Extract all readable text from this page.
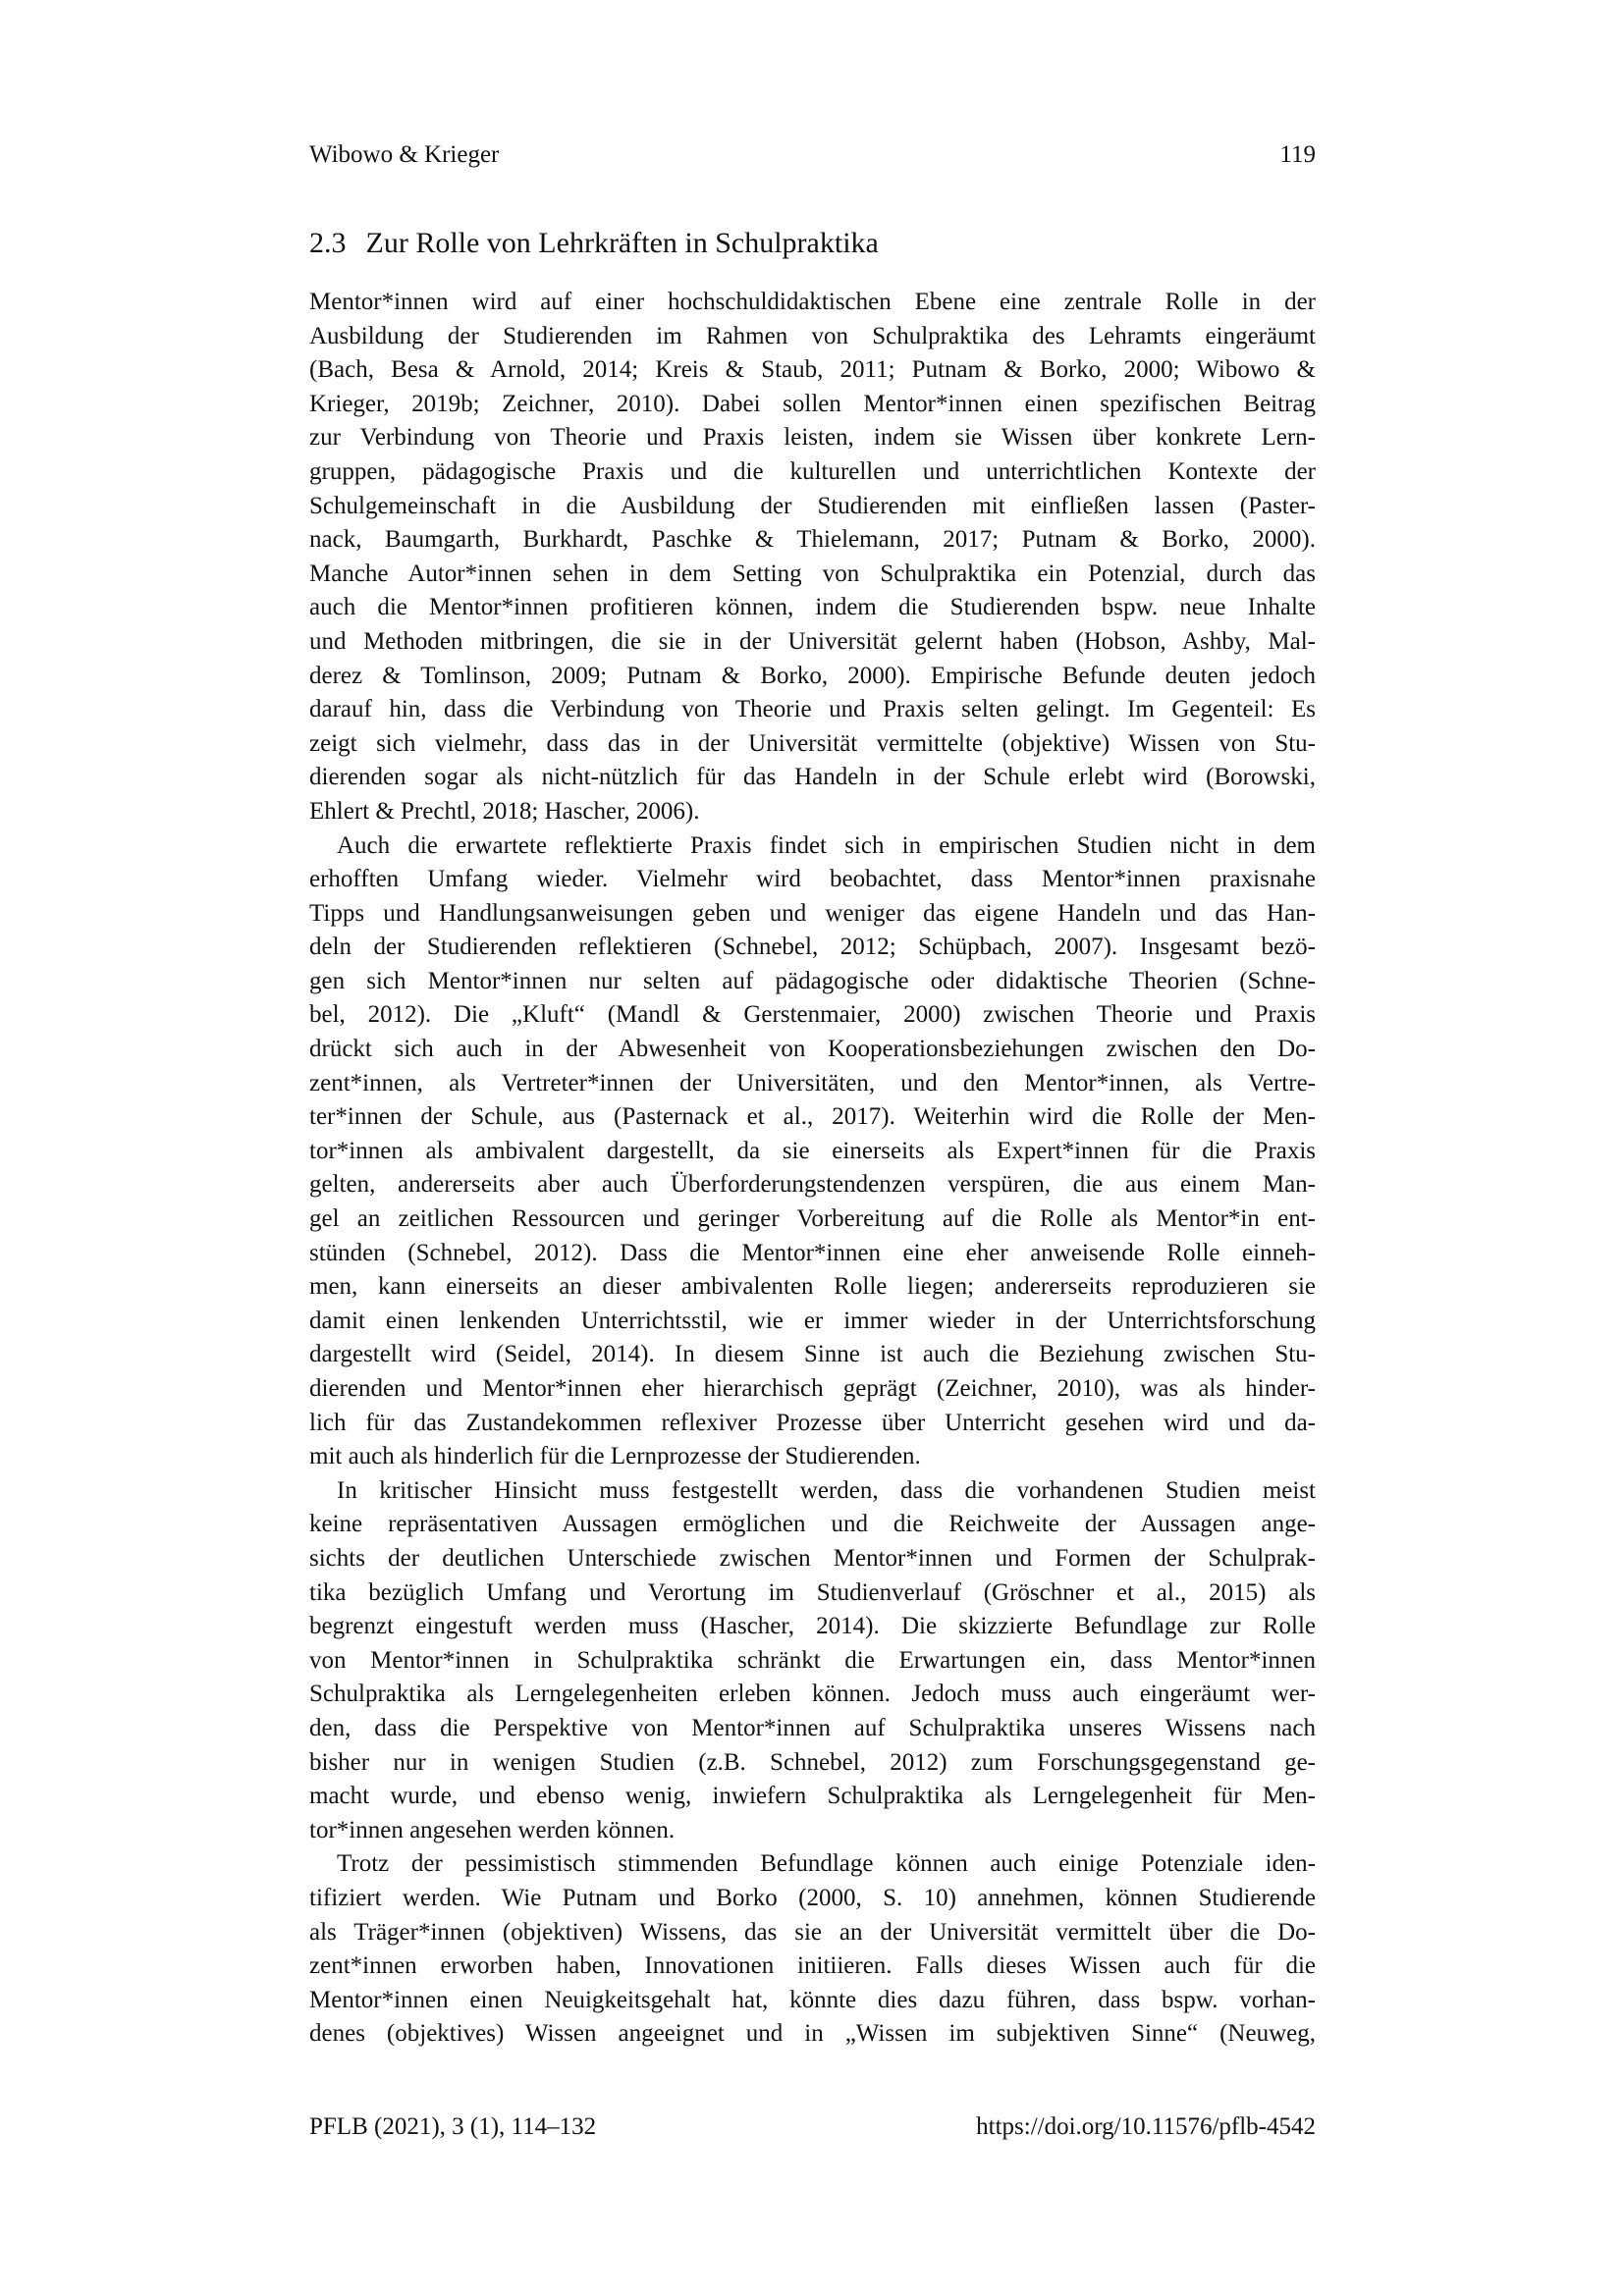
Wibowo & Krieger	119
2.3 Zur Rolle von Lehrkräften in Schulpraktika
Mentor*innen wird auf einer hochschuldidaktischen Ebene eine zentrale Rolle in der
Ausbildung der Studierenden im Rahmen von Schulpraktika des Lehramts eingeräumt
(Bach, Besa & Arnold, 2014; Kreis & Staub, 2011; Putnam & Borko, 2000; Wibowo &
Krieger, 2019b; Zeichner, 2010). Dabei sollen Mentor*innen einen spezifischen Beitrag
zur Verbindung von Theorie und Praxis leisten, indem sie Wissen über konkrete Lern-
gruppen, pädagogische Praxis und die kulturellen und unterrichtlichen Kontexte der
Schulgemeinschaft in die Ausbildung der Studierenden mit einfließen lassen (Paster-
nack, Baumgarth, Burkhardt, Paschke & Thielemann, 2017; Putnam & Borko, 2000).
Manche Autor*innen sehen in dem Setting von Schulpraktika ein Potenzial, durch das
auch die Mentor*innen profitieren können, indem die Studierenden bspw. neue Inhalte
und Methoden mitbringen, die sie in der Universität gelernt haben (Hobson, Ashby, Mal-
derez & Tomlinson, 2009; Putnam & Borko, 2000). Empirische Befunde deuten jedoch
darauf hin, dass die Verbindung von Theorie und Praxis selten gelingt. Im Gegenteil: Es
zeigt sich vielmehr, dass das in der Universität vermittelte (objektive) Wissen von Stu-
dierenden sogar als nicht-nützlich für das Handeln in der Schule erlebt wird (Borowski,
Ehlert & Prechtl, 2018; Hascher, 2006).
Auch die erwartete reflektierte Praxis findet sich in empirischen Studien nicht in dem
erhofften Umfang wieder. Vielmehr wird beobachtet, dass Mentor*innen praxisnahe
Tipps und Handlungsanweisungen geben und weniger das eigene Handeln und das Han-
deln der Studierenden reflektieren (Schnebel, 2012; Schüpbach, 2007). Insgesamt bezö-
gen sich Mentor*innen nur selten auf pädagogische oder didaktische Theorien (Schne-
bel, 2012). Die „Kluft“ (Mandl & Gerstenmaier, 2000) zwischen Theorie und Praxis
drückt sich auch in der Abwesenheit von Kooperationsbeziehungen zwischen den Do-
zent*innen, als Vertreter*innen der Universitäten, und den Mentor*innen, als Vertre-
ter*innen der Schule, aus (Pasternack et al., 2017). Weiterhin wird die Rolle der Men-
tor*innen als ambivalent dargestellt, da sie einerseits als Expert*innen für die Praxis
gelten, andererseits aber auch Überforderungstendenzen verspüren, die aus einem Man-
gel an zeitlichen Ressourcen und geringer Vorbereitung auf die Rolle als Mentor*in ent-
stünden (Schnebel, 2012). Dass die Mentor*innen eine eher anweisende Rolle einneh-
men, kann einerseits an dieser ambivalenten Rolle liegen; andererseits reproduzieren sie
damit einen lenkenden Unterrichtsstil, wie er immer wieder in der Unterrichtsforschung
dargestellt wird (Seidel, 2014). In diesem Sinne ist auch die Beziehung zwischen Stu-
dierenden und Mentor*innen eher hierarchisch geprägt (Zeichner, 2010), was als hinder-
lich für das Zustandekommen reflexiver Prozesse über Unterricht gesehen wird und da-
mit auch als hinderlich für die Lernprozesse der Studierenden.
In kritischer Hinsicht muss festgestellt werden, dass die vorhandenen Studien meist
keine repräsentativen Aussagen ermöglichen und die Reichweite der Aussagen ange-
sichts der deutlichen Unterschiede zwischen Mentor*innen und Formen der Schulprak-
tika bezüglich Umfang und Verortung im Studienverlauf (Gröschner et al., 2015) als
begrenzt eingestuft werden muss (Hascher, 2014). Die skizzierte Befundlage zur Rolle
von Mentor*innen in Schulpraktika schränkt die Erwartungen ein, dass Mentor*innen
Schulpraktika als Lerngelegenheiten erleben können. Jedoch muss auch eingeräumt wer-
den, dass die Perspektive von Mentor*innen auf Schulpraktika unseres Wissens nach
bisher nur in wenigen Studien (z.B. Schnebel, 2012) zum Forschungsgegenstand ge-
macht wurde, und ebenso wenig, inwiefern Schulpraktika als Lerngelegenheit für Men-
tor*innen angesehen werden können.
Trotz der pessimistisch stimmenden Befundlage können auch einige Potenziale iden-
tifiziert werden. Wie Putnam und Borko (2000, S. 10) annehmen, können Studierende
als Träger*innen (objektiven) Wissens, das sie an der Universität vermittelt über die Do-
zent*innen erworben haben, Innovationen initiieren. Falls dieses Wissen auch für die
Mentor*innen einen Neuigkeitsgehalt hat, könnte dies dazu führen, dass bspw. vorhan-
denes (objektives) Wissen angeeignet und in „Wissen im subjektiven Sinne“ (Neuweg,
PFLB (2021), 3 (1), 114–132	https://doi.org/10.11576/pflb-4542
